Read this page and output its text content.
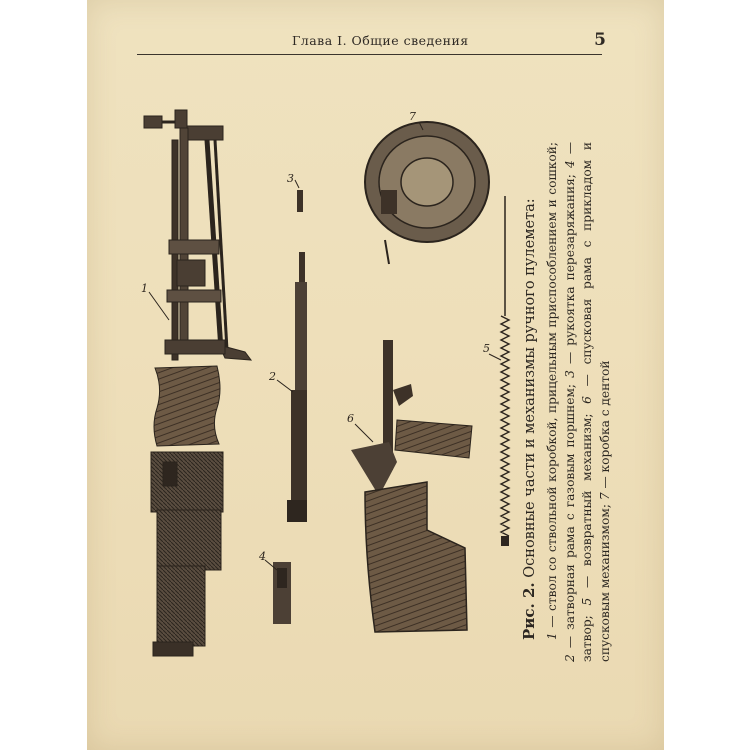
Глава I. Общие сведения	5
1
3
2
4
7
5
6
Рис. 2. Основные части и механизмы ручного пулемета:
1 — ствол со ствольной коробкой, прицельным приспособлением и сошкой; 2 — затворная рама с газовым поршнем; 3 — рукоятка перезаряжания; 4 — затвор; 5 — возвратный механизм; 6 — спусковая рама с прикладом и спусковым механизмом; 7 — коробка с дентой
